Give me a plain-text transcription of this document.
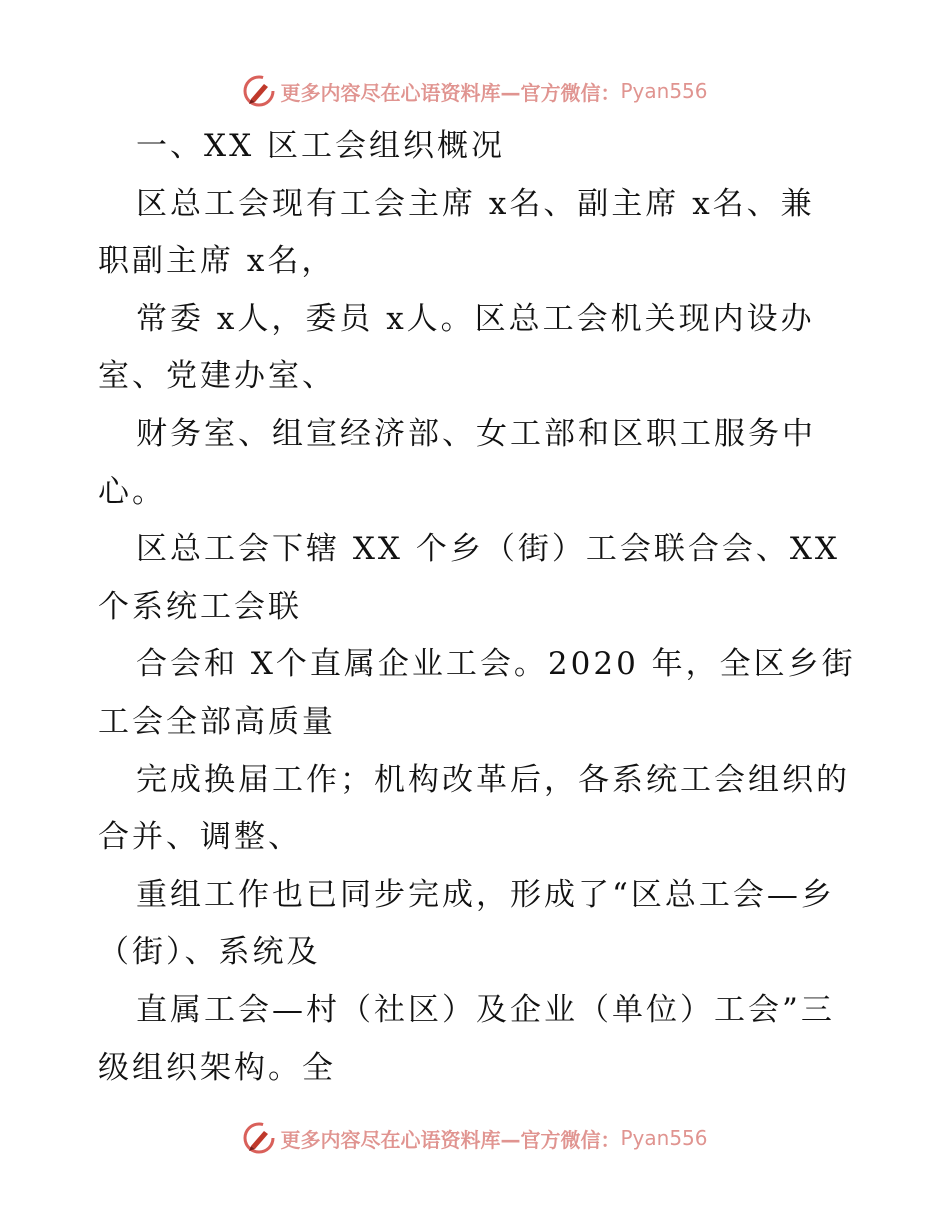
更多内容尽在心语资料库—官方微信： Pyan556
一、XX 区工会组织概况
区总工会现有工会主席 x名、副主席 x名、兼
职副主席 x名，
常委 x人，委员 x人。区总工会机关现内设办
室、党建办室、
财务室、组宣经济部、女工部和区职工服务中
心。
区总工会下辖 XX 个乡（街）工会联合会、XX
个系统工会联
合会和 X个直属企业工会。2020 年，全区乡街
工会全部高质量
完成换届工作；机构改革后，各系统工会组织的
合并、调整、
重组工作也已同步完成，形成了“区总工会—乡
（街）、系统及
直属工会—村（社区）及企业（单位）工会”三
级组织架构。全
更多内容尽在心语资料库—官方微信： Pyan556
